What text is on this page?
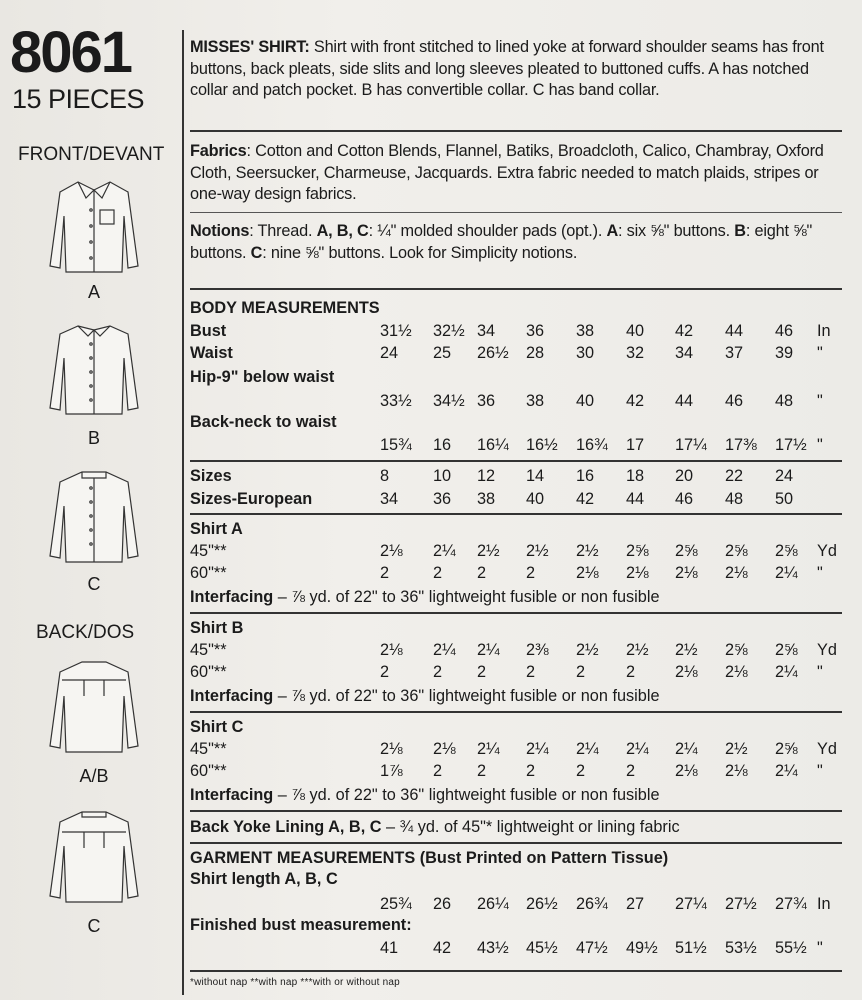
8061
15 PIECES
FRONT/DEVANT
A
B
C
BACK/DOS
A/B
C
MISSES' SHIRT: Shirt with front stitched to lined yoke at forward shoulder seams has front buttons, back pleats, side slits and long sleeves pleated to buttoned cuffs. A has notched collar and patch pocket. B has convertible collar. C has band collar.
Fabrics: Cotton and Cotton Blends, Flannel, Batiks, Broadcloth, Calico, Chambray, Oxford Cloth, Seersucker, Charmeuse, Jacquards. Extra fabric needed to match plaids, stripes or one-way design fabrics.
Notions: Thread. A, B, C: ¼" molded shoulder pads (opt.). A: six ⅝" buttons. B: eight ⅝" buttons. C: nine ⅝" buttons. Look for Simplicity notions.
BODY MEASUREMENTS
Bust	31½	32½ 34	36	38	40	42	44	46	In
Waist	24	25	26½	28	30	32	34	37	39	"
Hip-9" below waist
33½	34½ 36	38	40	42	44	46	48	"
Back-neck to waist
15¾	16	16¼	16½	16¾	17	17¼	17⅜	17½ "
Sizes	8	10	12	14	16	18	20	22	24
Sizes-European	34	36	38	40	42	44	46	48	50
Shirt A
45"**	2⅛	2¼	2½	2½	2½	2⅝	2⅝	2⅝	2⅝	Yd
60"**	2	2	2	2	2⅛	2⅛	2⅛	2⅛	2¼	"
Interfacing – ⅞ yd. of 22" to 36" lightweight fusible or non fusible
Shirt B
45"**	2⅛	2¼	2¼	2⅜	2½	2½	2½	2⅝	2⅝	Yd
60"**	2	2	2	2	2	2	2⅛	2⅛	2¼	"
Interfacing – ⅞ yd. of 22" to 36" lightweight fusible or non fusible
Shirt C
45"**	2⅛	2⅛	2¼	2¼	2¼	2¼	2¼	2½	2⅝	Yd
60"**	1⅞	2	2	2	2	2	2⅛	2⅛	2¼	"
Interfacing – ⅞ yd. of 22" to 36" lightweight fusible or non fusible
Back Yoke Lining A, B, C – ¾ yd. of 45"* lightweight or lining fabric
GARMENT MEASUREMENTS (Bust Printed on Pattern Tissue)
Shirt length A, B, C
25¾	26	26¼	26½	26¾	27	27¼	27½	27¾ In
Finished bust measurement:
41	42	43½	45½	47½	49½	51½	53½	55½ "
*without nap **with nap ***with or without nap
